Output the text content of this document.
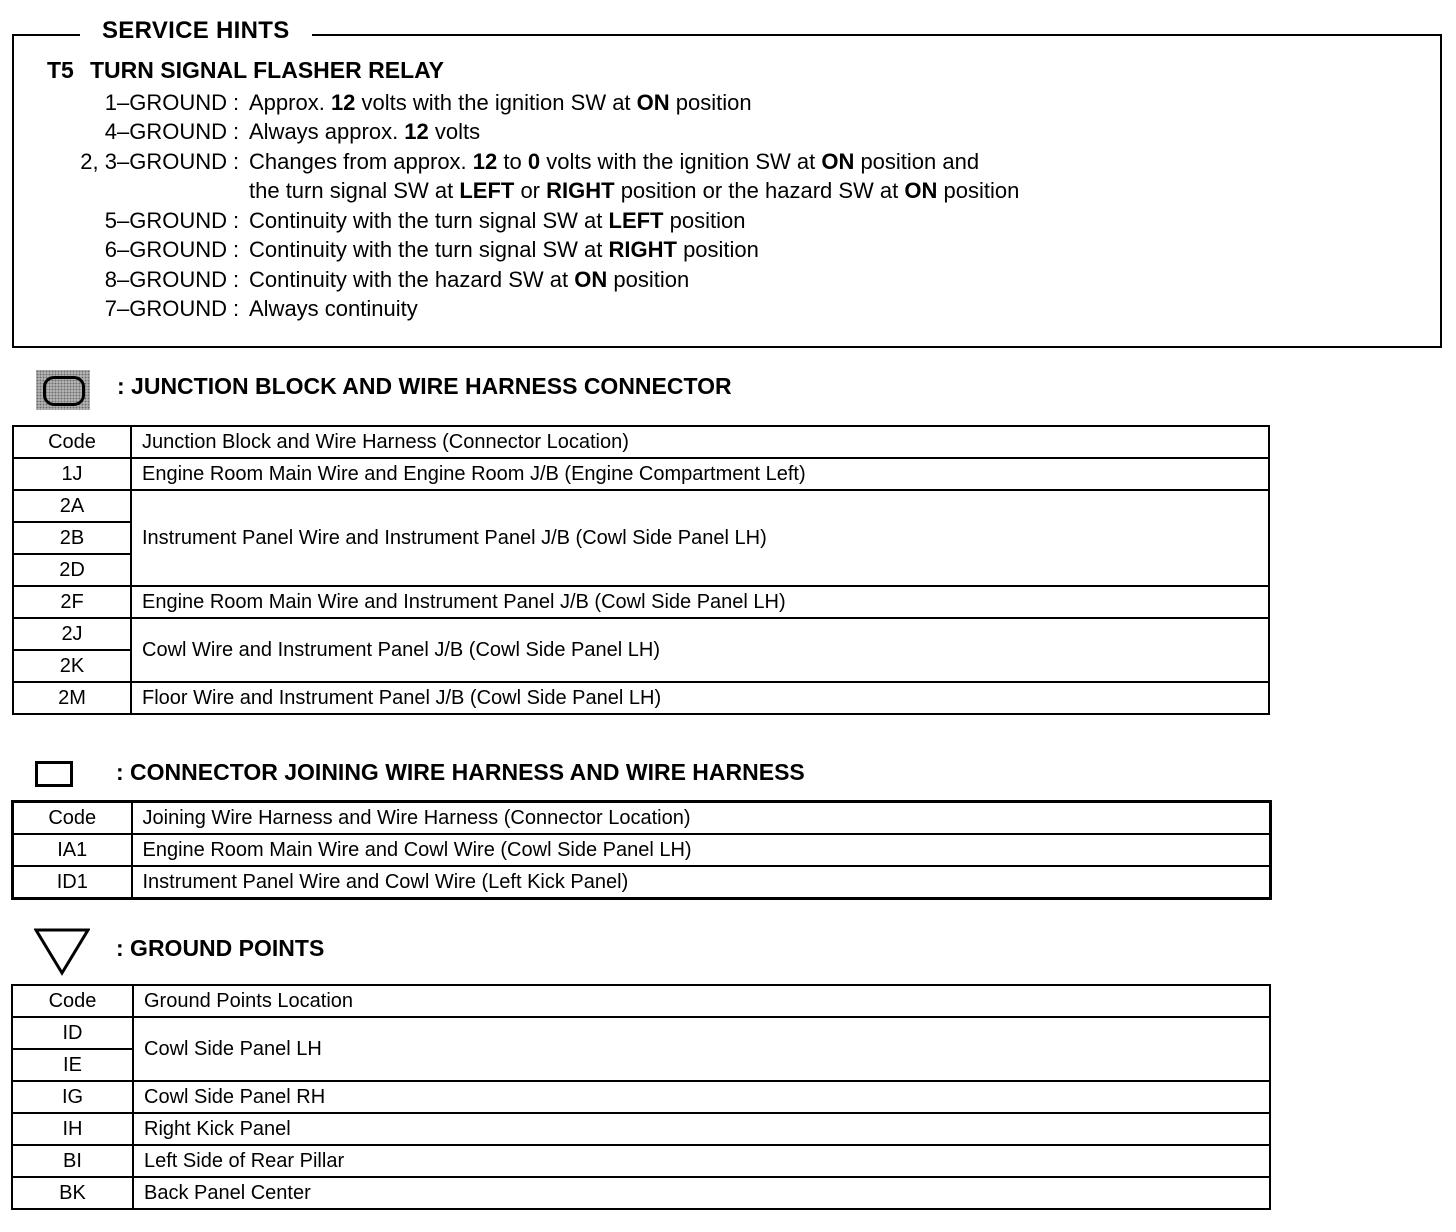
SERVICE HINTS
T5 TURN SIGNAL FLASHER RELAY
1–GROUND : Approx. 12 volts with the ignition SW at ON position
4–GROUND : Always approx. 12 volts
2, 3–GROUND : Changes from approx. 12 to 0 volts with the ignition SW at ON position and
the turn signal SW at LEFT or RIGHT position or the hazard SW at ON position
5–GROUND : Continuity with the turn signal SW at LEFT position
6–GROUND : Continuity with the turn signal SW at RIGHT position
8–GROUND : Continuity with the hazard SW at ON position
7–GROUND : Always continuity
: JUNCTION BLOCK AND WIRE HARNESS CONNECTOR
Code	Junction Block and Wire Harness (Connector Location)
1J	Engine Room Main Wire and Engine Room J/B (Engine Compartment Left)
2A	Instrument Panel Wire and Instrument Panel J/B (Cowl Side Panel LH)
2B	
2D	
2F	Engine Room Main Wire and Instrument Panel J/B (Cowl Side Panel LH)
2J	Cowl Wire and Instrument Panel J/B (Cowl Side Panel LH)
2K	
2M	Floor Wire and Instrument Panel J/B (Cowl Side Panel LH)
: CONNECTOR JOINING WIRE HARNESS AND WIRE HARNESS
Code	Joining Wire Harness and Wire Harness (Connector Location)
IA1	Engine Room Main Wire and Cowl Wire (Cowl Side Panel LH)
ID1	Instrument Panel Wire and Cowl Wire (Left Kick Panel)
: GROUND POINTS
Code	Ground Points Location
ID	Cowl Side Panel LH
IE	
IG	Cowl Side Panel RH
IH	Right Kick Panel
BI	Left Side of Rear Pillar
BK	Back Panel Center
